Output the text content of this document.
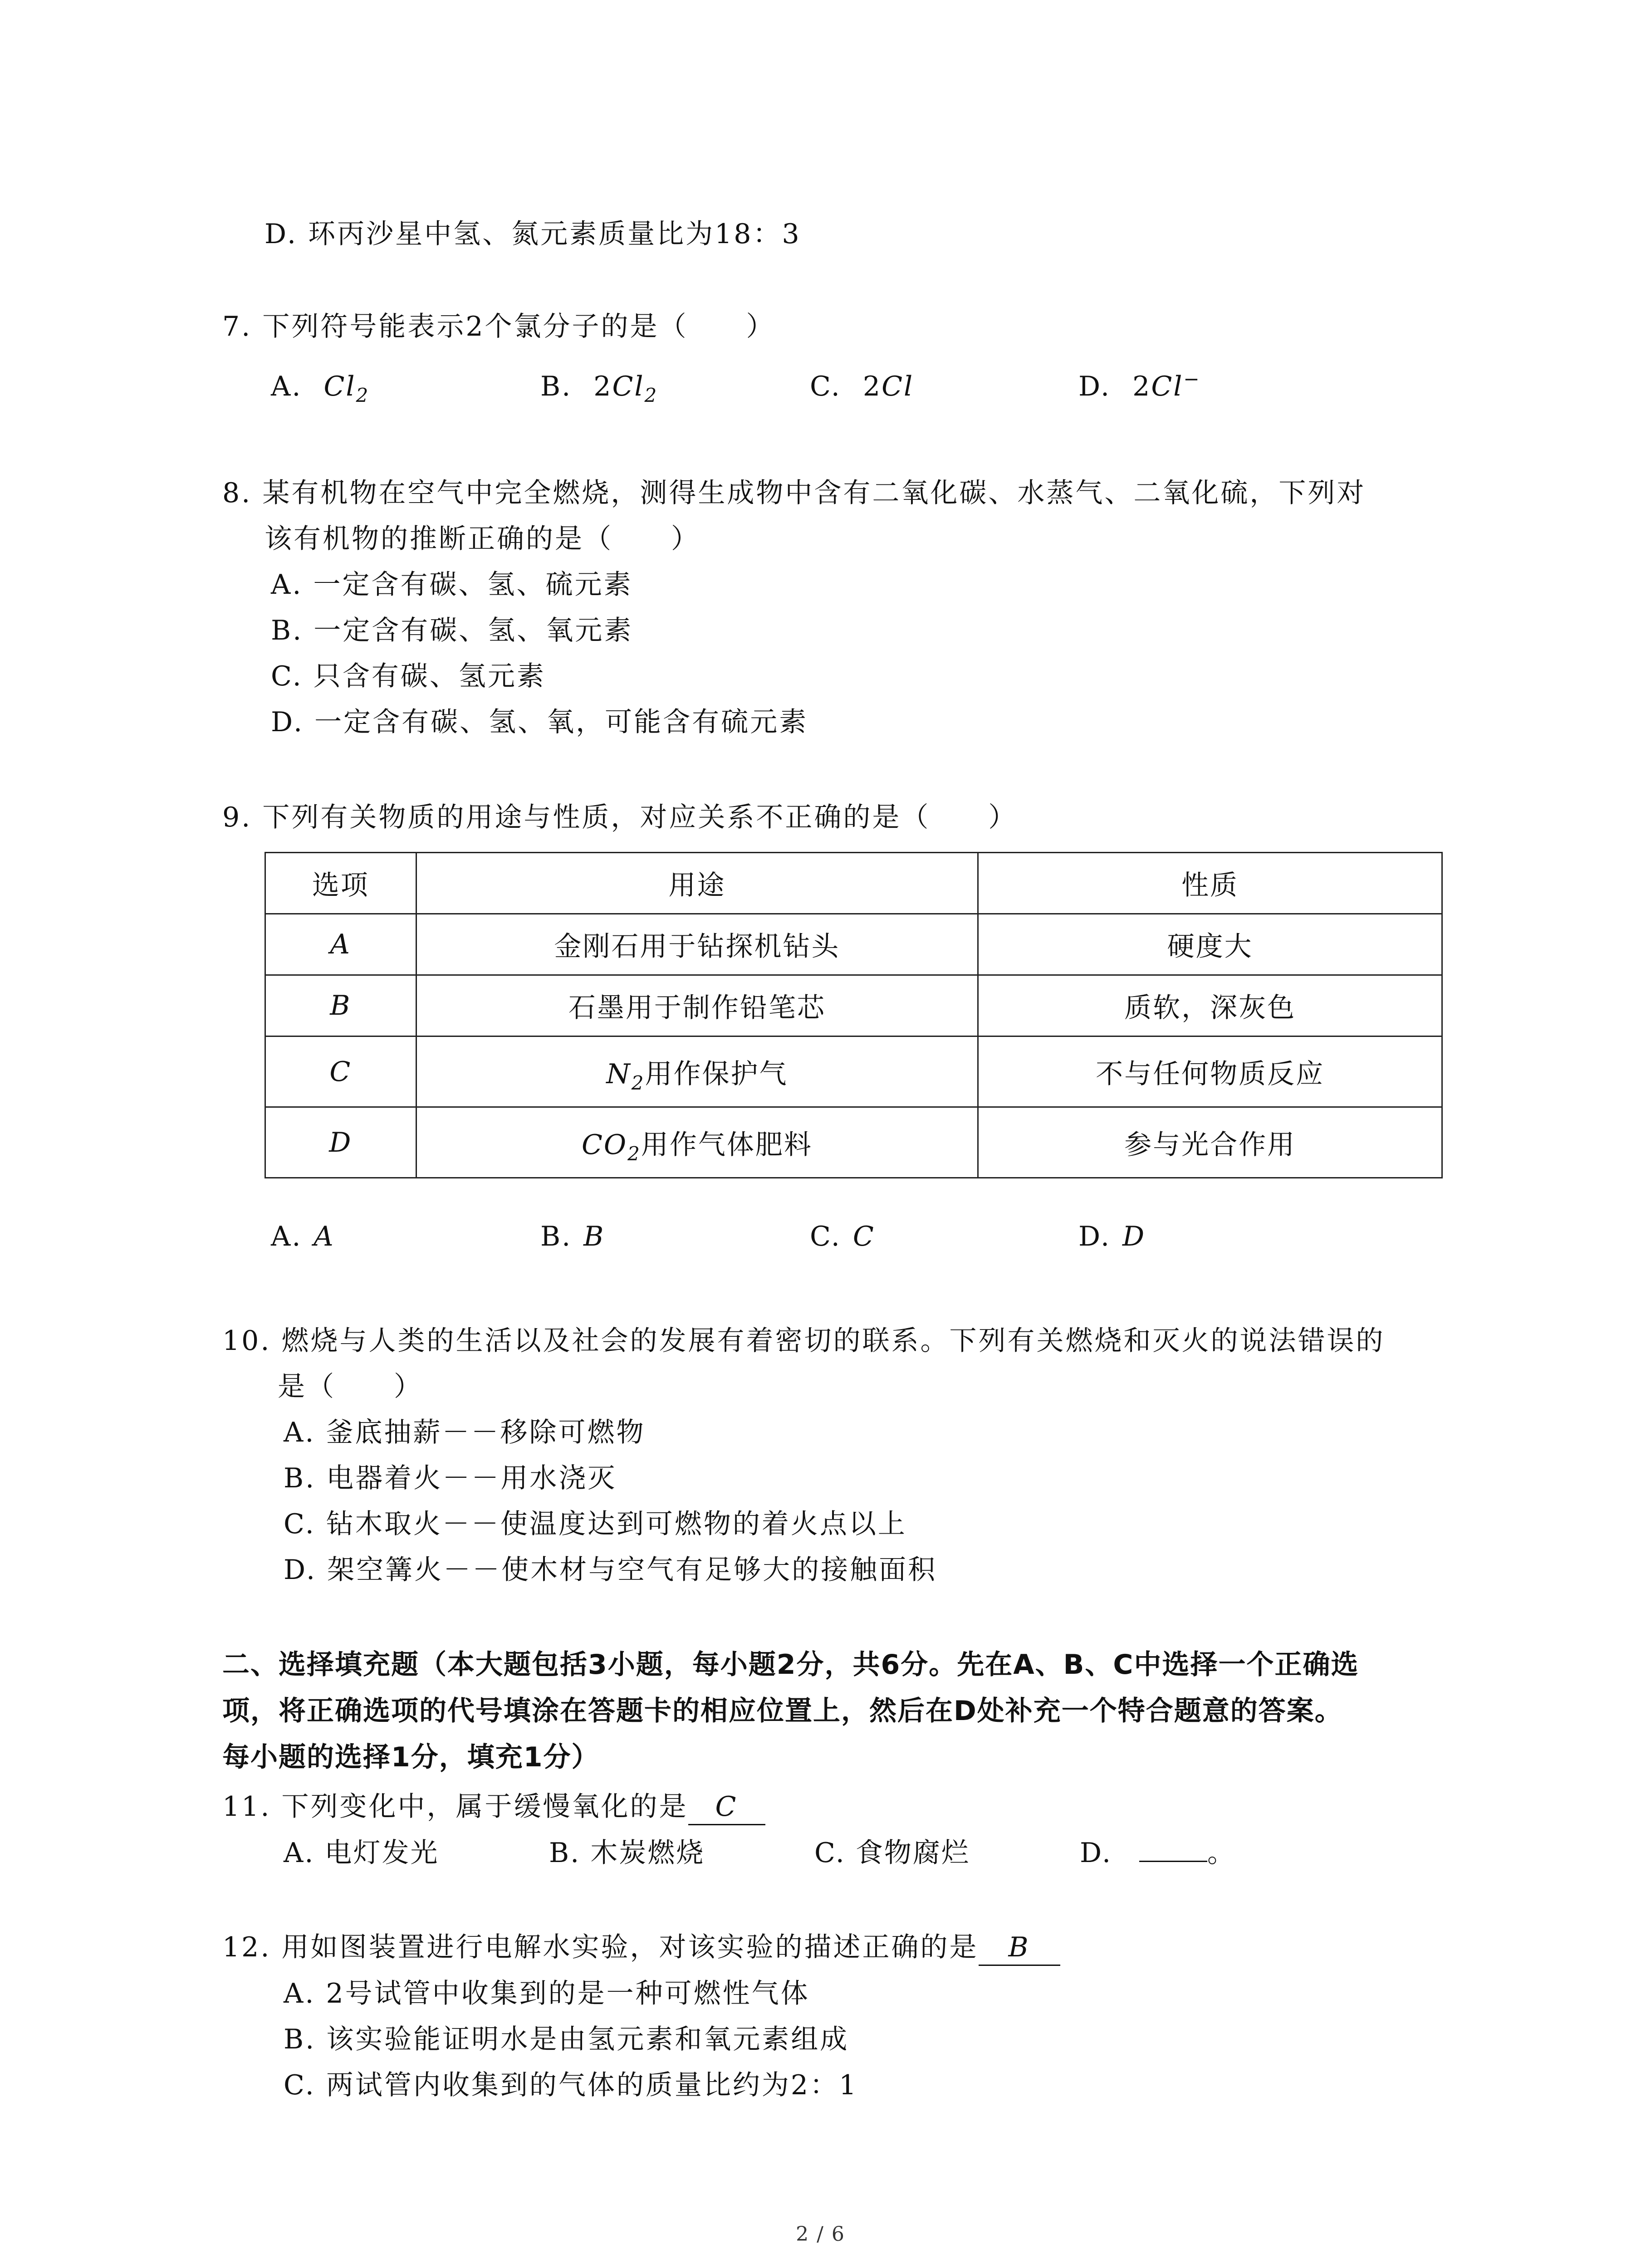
D. 环丙沙星中氢、氮元素质量比为18：3
7. 下列符号能表示2个氯分子的是（　　）
A. $Cl_2$	B. $2Cl_2$	C. 2Cl	D. 2Cl−
8. 某有机物在空气中完全燃烧，测得生成物中含有二氧化碳、水蒸气、二氧化硫，下列对
该有机物的推断正确的是（　　）
A. 一定含有碳、氢、硫元素
B. 一定含有碳、氢、氧元素
C. 只含有碳、氢元素
D. 一定含有碳、氢、氧，可能含有硫元素
9. 下列有关物质的用途与性质，对应关系不正确的是（　　）
选项	用途	性质
A	金刚石用于钻探机钻头	硬度大
B	石墨用于制作铅笔芯	质软，深灰色
C	$N_2$用作保护气	不与任何物质反应
D	$CO_2$用作气体肥料	参与光合作用
A. A	B. B	C. C	D. D
10. 燃烧与人类的生活以及社会的发展有着密切的联系。下列有关燃烧和灭火的说法错误的
是（　　）
A. 釜底抽薪－－移除可燃物
B. 电器着火－－用水浇灭
C. 钻木取火－－使温度达到可燃物的着火点以上
D. 架空篝火－－使木材与空气有足够大的接触面积
二、选择填充题（本大题包括3小题，每小题2分，共6分。先在A、B、C中选择一个正确选
项，将正确选项的代号填涂在答题卡的相应位置上，然后在D处补充一个特合题意的答案。
每小题的选择1分，填充1分）
11. 下列变化中，属于缓慢氧化的是 C
A. 电灯发光	B. 木炭燃烧	C. 食物腐烂	D.	。
12. 用如图装置进行电解水实验，对该实验的描述正确的是 B
A. 2号试管中收集到的是一种可燃性气体
B. 该实验能证明水是由氢元素和氧元素组成
C. 两试管内收集到的气体的质量比约为2：1
2 / 6
